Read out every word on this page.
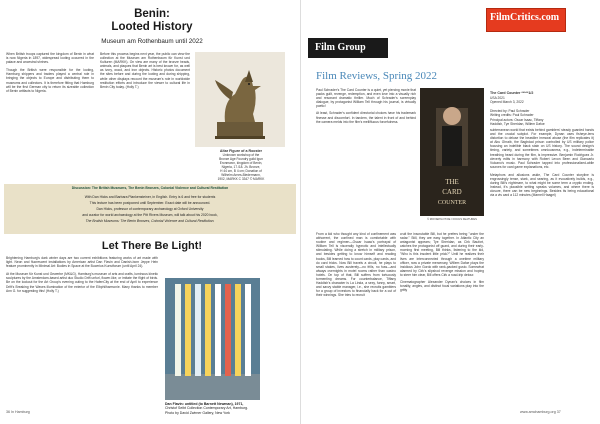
Benin:
Looted History
Museum am Rothenbaum until 2022

When British troops captured the kingdom of Benin in what is now Nigeria in 1897, widespread looting occurred in the palace and ancestral shrines.

Though the British were responsible for the looting, Hamburg shippers and traders played a central role in bringing the objects to Europe and distributing them to museums and collectors. It is therefore fitting that Hamburg will be the first German city to return its sizeable collection of Benin artifacts to Nigeria.

Before this process begins next year, the public can view the collection at the Museum am Rothenbaum für Kunst und Kulturen (MARKK). On view are many of the bronze heads, animals, and plaques that Benin art is best known for, as well as ivory, wood, and iron objects. Historic photos document the sites before and during the looting and during shipping, while other displays recount the museum's role in worldwide restitution efforts and introduce the viewer to cultural life in Benin City today. (Holly T.)

Altar Figure of a Rooster
Unknown workshop of the
Bronze Age Foundry guild Igun
Eronmwon, kingdom of Benin,
Nigeria, 17./18. Jh. Bronze,
H 44 cm, B 4 cm; Donation of
Wilhelm Arnes-Biedermann,
1902, MARKK C 3347 © MARKK
Discussion: The British Museums, The Benin Bronzes, Colonial Violence and Cultural Restitution
With Dan Hicks and Barbara Plankensteiner, in English. Entry is 6 and free for students
This lecture has been postponed until September. Exact date will be announced.
Dan Hicks, professor of contemporary archaeology at Oxford University
and curator for world archaeology at the Pitt Rivers Museum, will talk about his 2020 book,
The Brutish Museums: The Benin Bronzes, Colonial Violence and Cultural Restitution.
Let There Be Light!

Brightening Hamburg's dark winter days are two current exhibitions featuring works of art made with light. Neon and fluorescent installations by American artist Dan Flavin and Danish-born Jeppe Hein feature prominently in Minimal Art: Bodies in Space at the Bucerius Kunstforum (until April 24).

At the Museum für Kunst und Gewerbe (MK&G), Hamburg's museum of arts and crafts, luminous kinetic sculptures by the Amsterdam-based artist duo Studio Drift unfurl, flower-like, or imitate the flight of birds. Be on the lookout for the Art Group's evening outing to the HafenCity at the end of April to experience Drift's Breaking the Waves illumination of the exterior of the Elbphilharmonie. Many thanks to member Ann G. for suggesting this! (Holly T.)

Dan Flavin: untitled (to Barnett Newman), 1971,
Christof Seibt Collection Contemporary Art, Hamburg.
Photo by David Zwirner Gallery, New York
36 In Hamburg
Film Group
FilmCritics.com
Film Reviews, Spring 2022

Paul Schrader's The Card Counter is a quiet, yet piercing movie that packs guilt, revenge, redemption, and even love into a visually rich and resonant dramatic thriller. Much of Schrader's screenplay dialogue, by protagonist William Tell through his journal, is virtually poetic!

At least, Schrader's confident directorial choices have his trademark finesse and discomfort. In tandem, the talent in front of and behind the camera melds into the film's mellifluous forcefulness.

THE
CARD
COUNTER
© MOVIEPILOT.DE / FOCUS FEATURES
The Card Counter *****1/2
USA 2021
Opened March 3, 2022
Directed by: Paul Schrader
Writing credits: Paul Schrader
Principal actors: Oscar Isaac, Tiffany
Haddish, Tye Sheridan, Willem Dafoe

subterranean world that exists behind gamblers' steady guarded hands and the crucial subplot. For example, Dynan uses fisheye-lens distortion to deluse the beastlier immoral abuse (the film replicates it) at Abu Ghraib, the Baghdad prison controlled by US military police focusing an indelible black stain on US history. The sound design's timing, variety, and sometimes omniousness, e.g., indeterminable breathing heard during the film, is impressive. Benjamin Rodriguez Jr. cleverly edits in harmony with Robert Levon Been and Giancarlo Vulcano's music. Paul Schrader tapped into professionalized-ablle sources for card game explanations, etc.

Metaphors and allusions aside, The Card Counter storyline is engrossingly tense, stark, and searing, as it evocatively builds, e.g., during Bill's nightmare, to what might be some term a cryptic ending. Instead, it's plausible setting speaks volumes, and where there is closure, there can be new beginnings. Besides its being educational via a vis card a 112 minutes (Marnell Haagel)

From a kid who thought any kind of confinement was abhorrent, the confined man is comfortable with routine and regimen—Oscar Isaac's portrayal of William Tell is viscerally hypnotic and intellectually stimulating. While doing a stretch in military prison, and besides getting to know himself and reading books, Bill learned how to count cards, play cards, and do card tricks. Now Bill travels a circuit, he plays to small stakes, lives austerely—no frills, no fuss—and always overnights in motel rooms rather than casino hotels. On top of that, Bill suffers from tortuously tormenting dreams. For counterbalance, Tiffany Haddish's character is La Linda, a sexy, funny, smart, and savvy stable manager, i.e., she recruits gamblers for a group of investors to financially back for a cut of their winnings. She tries to recruit

cruit the inscrutable Bill, but he prefers being "under the radar." Still, they are easy together. In Atlantic City an antagonist appears; Tye Sheridan, as Cirk Baufort, catches the protagonist off guard, and during their early-morning first meeting, Bill thinks, listening to the kid, "Who is this insolent little prick?" Until he realizes their lives are interconnected through a onetime military officer, now a private mercenary, Willem Dafoe plays the insidious John Gordo with rank-packed gusto. Somewhat alarmed by Cirk's slipshod revenge mission and hoping to steer him clear, Bill offers Cirk a road-trip detour.

Cinematographer Alexander Dynan's choices in film tonality, angles, and distinct focal variations play into the gritty

www.amchamburg.org 37
